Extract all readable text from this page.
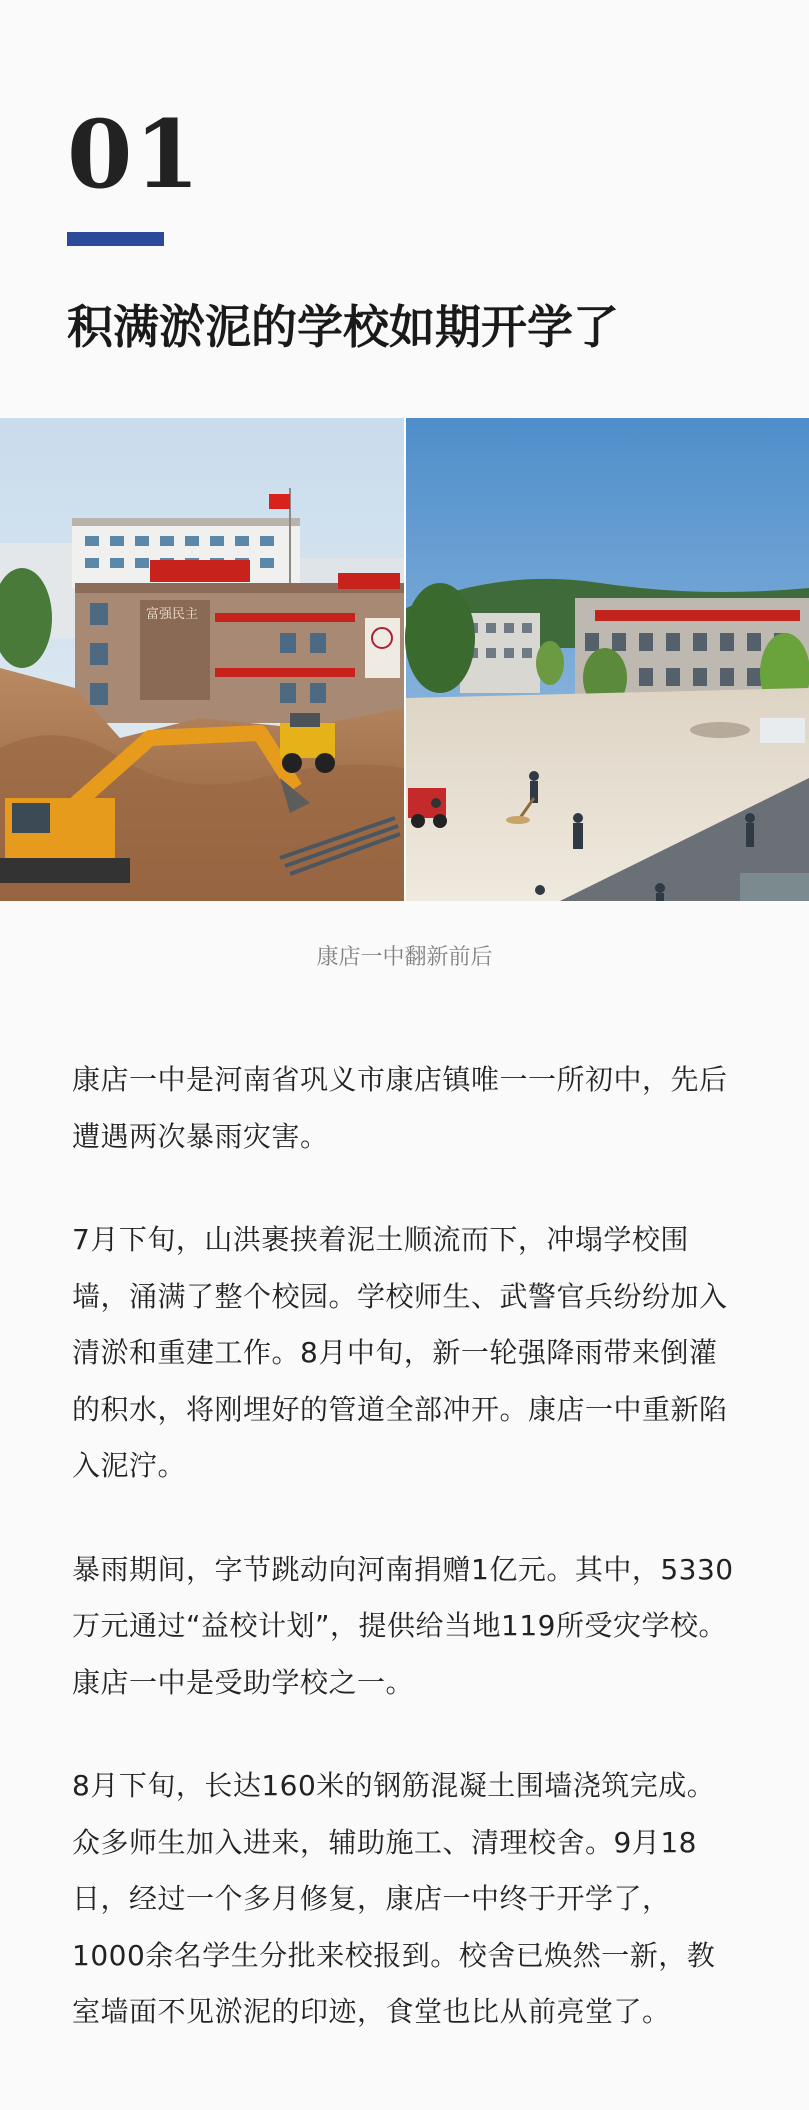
01
积满淤泥的学校如期开学了
富强民主
康店一中翻新前后

康店一中是河南省巩义市康店镇唯一一所初中，先后遭遇两次暴雨灾害。

7月下旬，山洪裹挟着泥土顺流而下，冲塌学校围墙，涌满了整个校园。学校师生、武警官兵纷纷加入清淤和重建工作。8月中旬，新一轮强降雨带来倒灌的积水，将刚埋好的管道全部冲开。康店一中重新陷入泥泞。

暴雨期间，字节跳动向河南捐赠1亿元。其中，5330万元通过“益校计划”，提供给当地119所受灾学校。康店一中是受助学校之一。

8月下旬，长达160米的钢筋混凝土围墙浇筑完成。众多师生加入进来，辅助施工、清理校舍。9月18日，经过一个多月修复，康店一中终于开学了，1000余名学生分批来校报到。校舍已焕然一新，教室墙面不见淤泥的印迹，食堂也比从前亮堂了。
